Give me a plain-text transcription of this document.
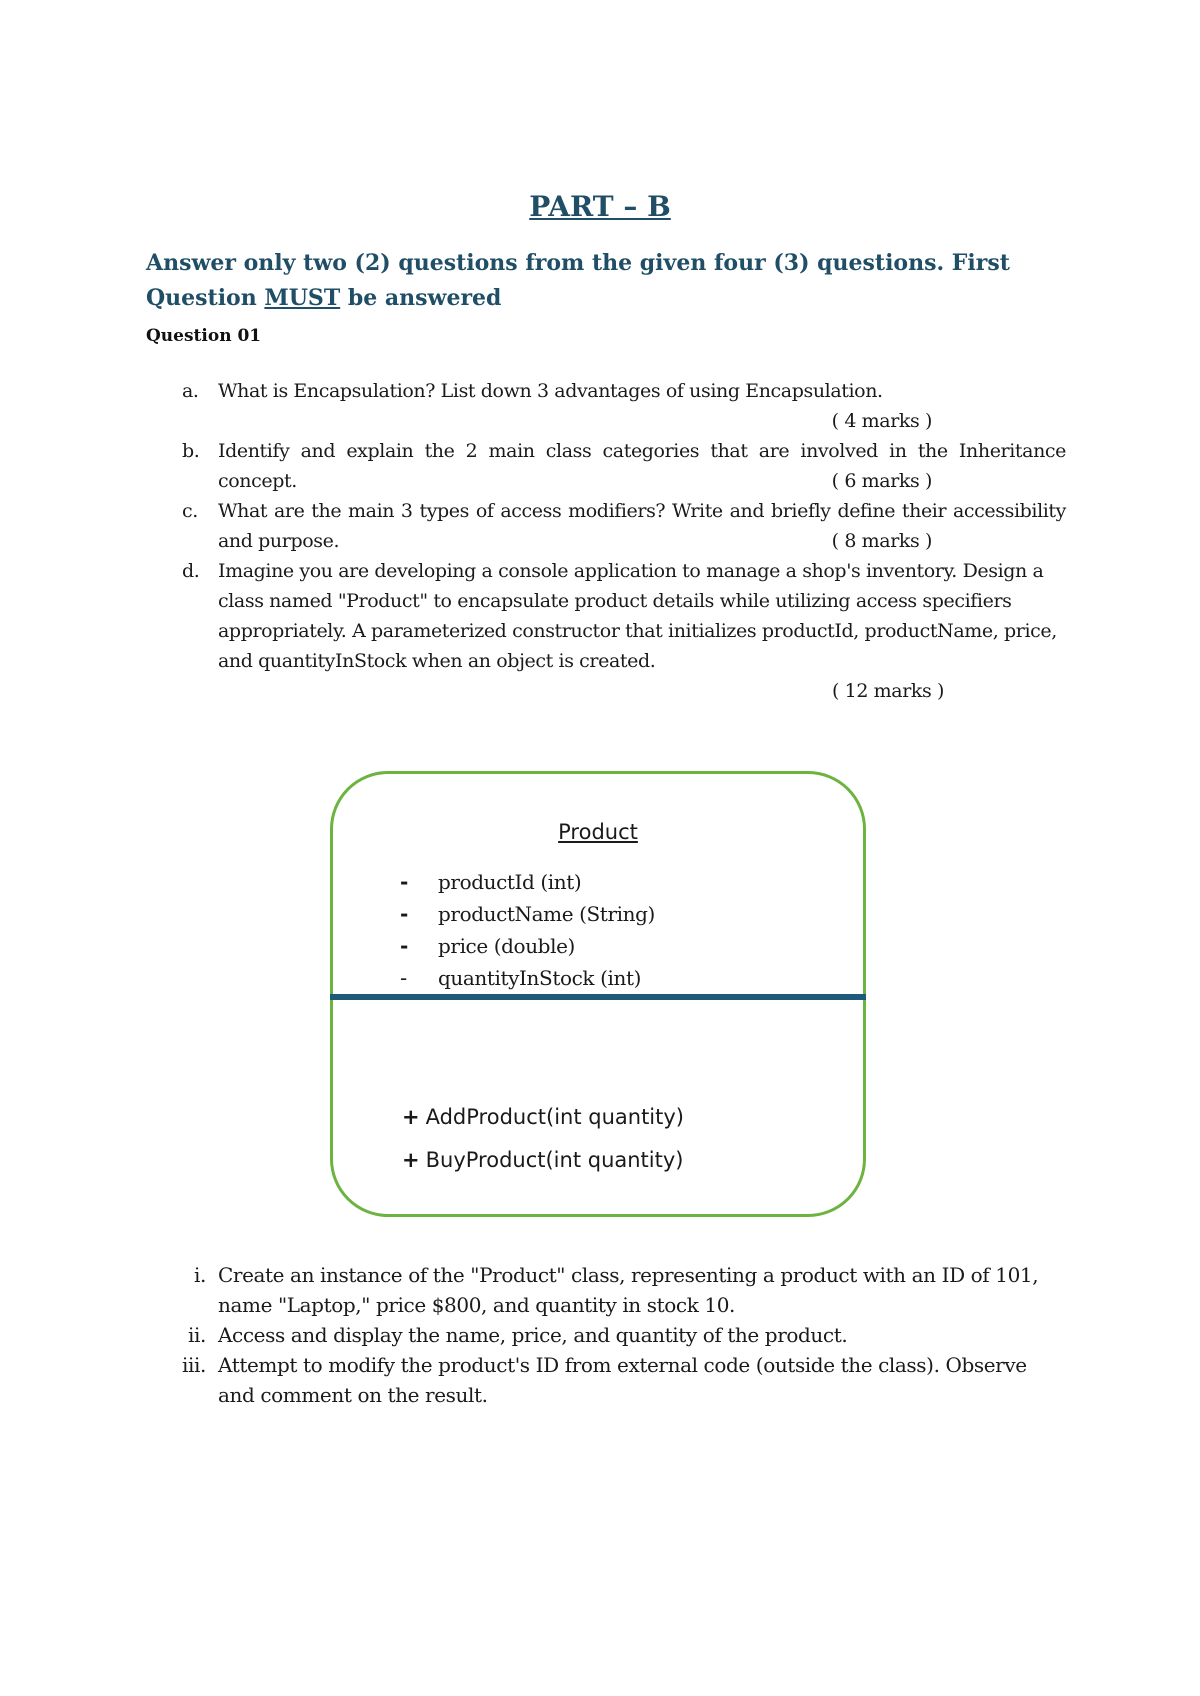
PART – B
Answer only two (2) questions from the given four (3) questions. First Question MUST be answered
Question 01
a. What is Encapsulation? List down 3 advantages of using Encapsulation.
( 4 marks )
b. Identify and explain the 2 main class categories that are involved in the Inheritance concept.	( 6 marks )
c. What are the main 3 types of access modifiers? Write and briefly define their accessibility and purpose.	( 8 marks )
d. Imagine you are developing a console application to manage a shop's inventory. Design a class named "Product" to encapsulate product details while utilizing access specifiers appropriately. A parameterized constructor that initializes productId, productName, price, and quantityInStock when an object is created.
( 12 marks )
Product
- productId (int)
- productName (String)
- price (double)
- quantityInStock (int)
+ AddProduct(int quantity)
+ BuyProduct(int quantity)
i. Create an instance of the "Product" class, representing a product with an ID of 101, name "Laptop," price $800, and quantity in stock 10.
ii. Access and display the name, price, and quantity of the product.
iii. Attempt to modify the product's ID from external code (outside the class). Observe and comment on the result.
